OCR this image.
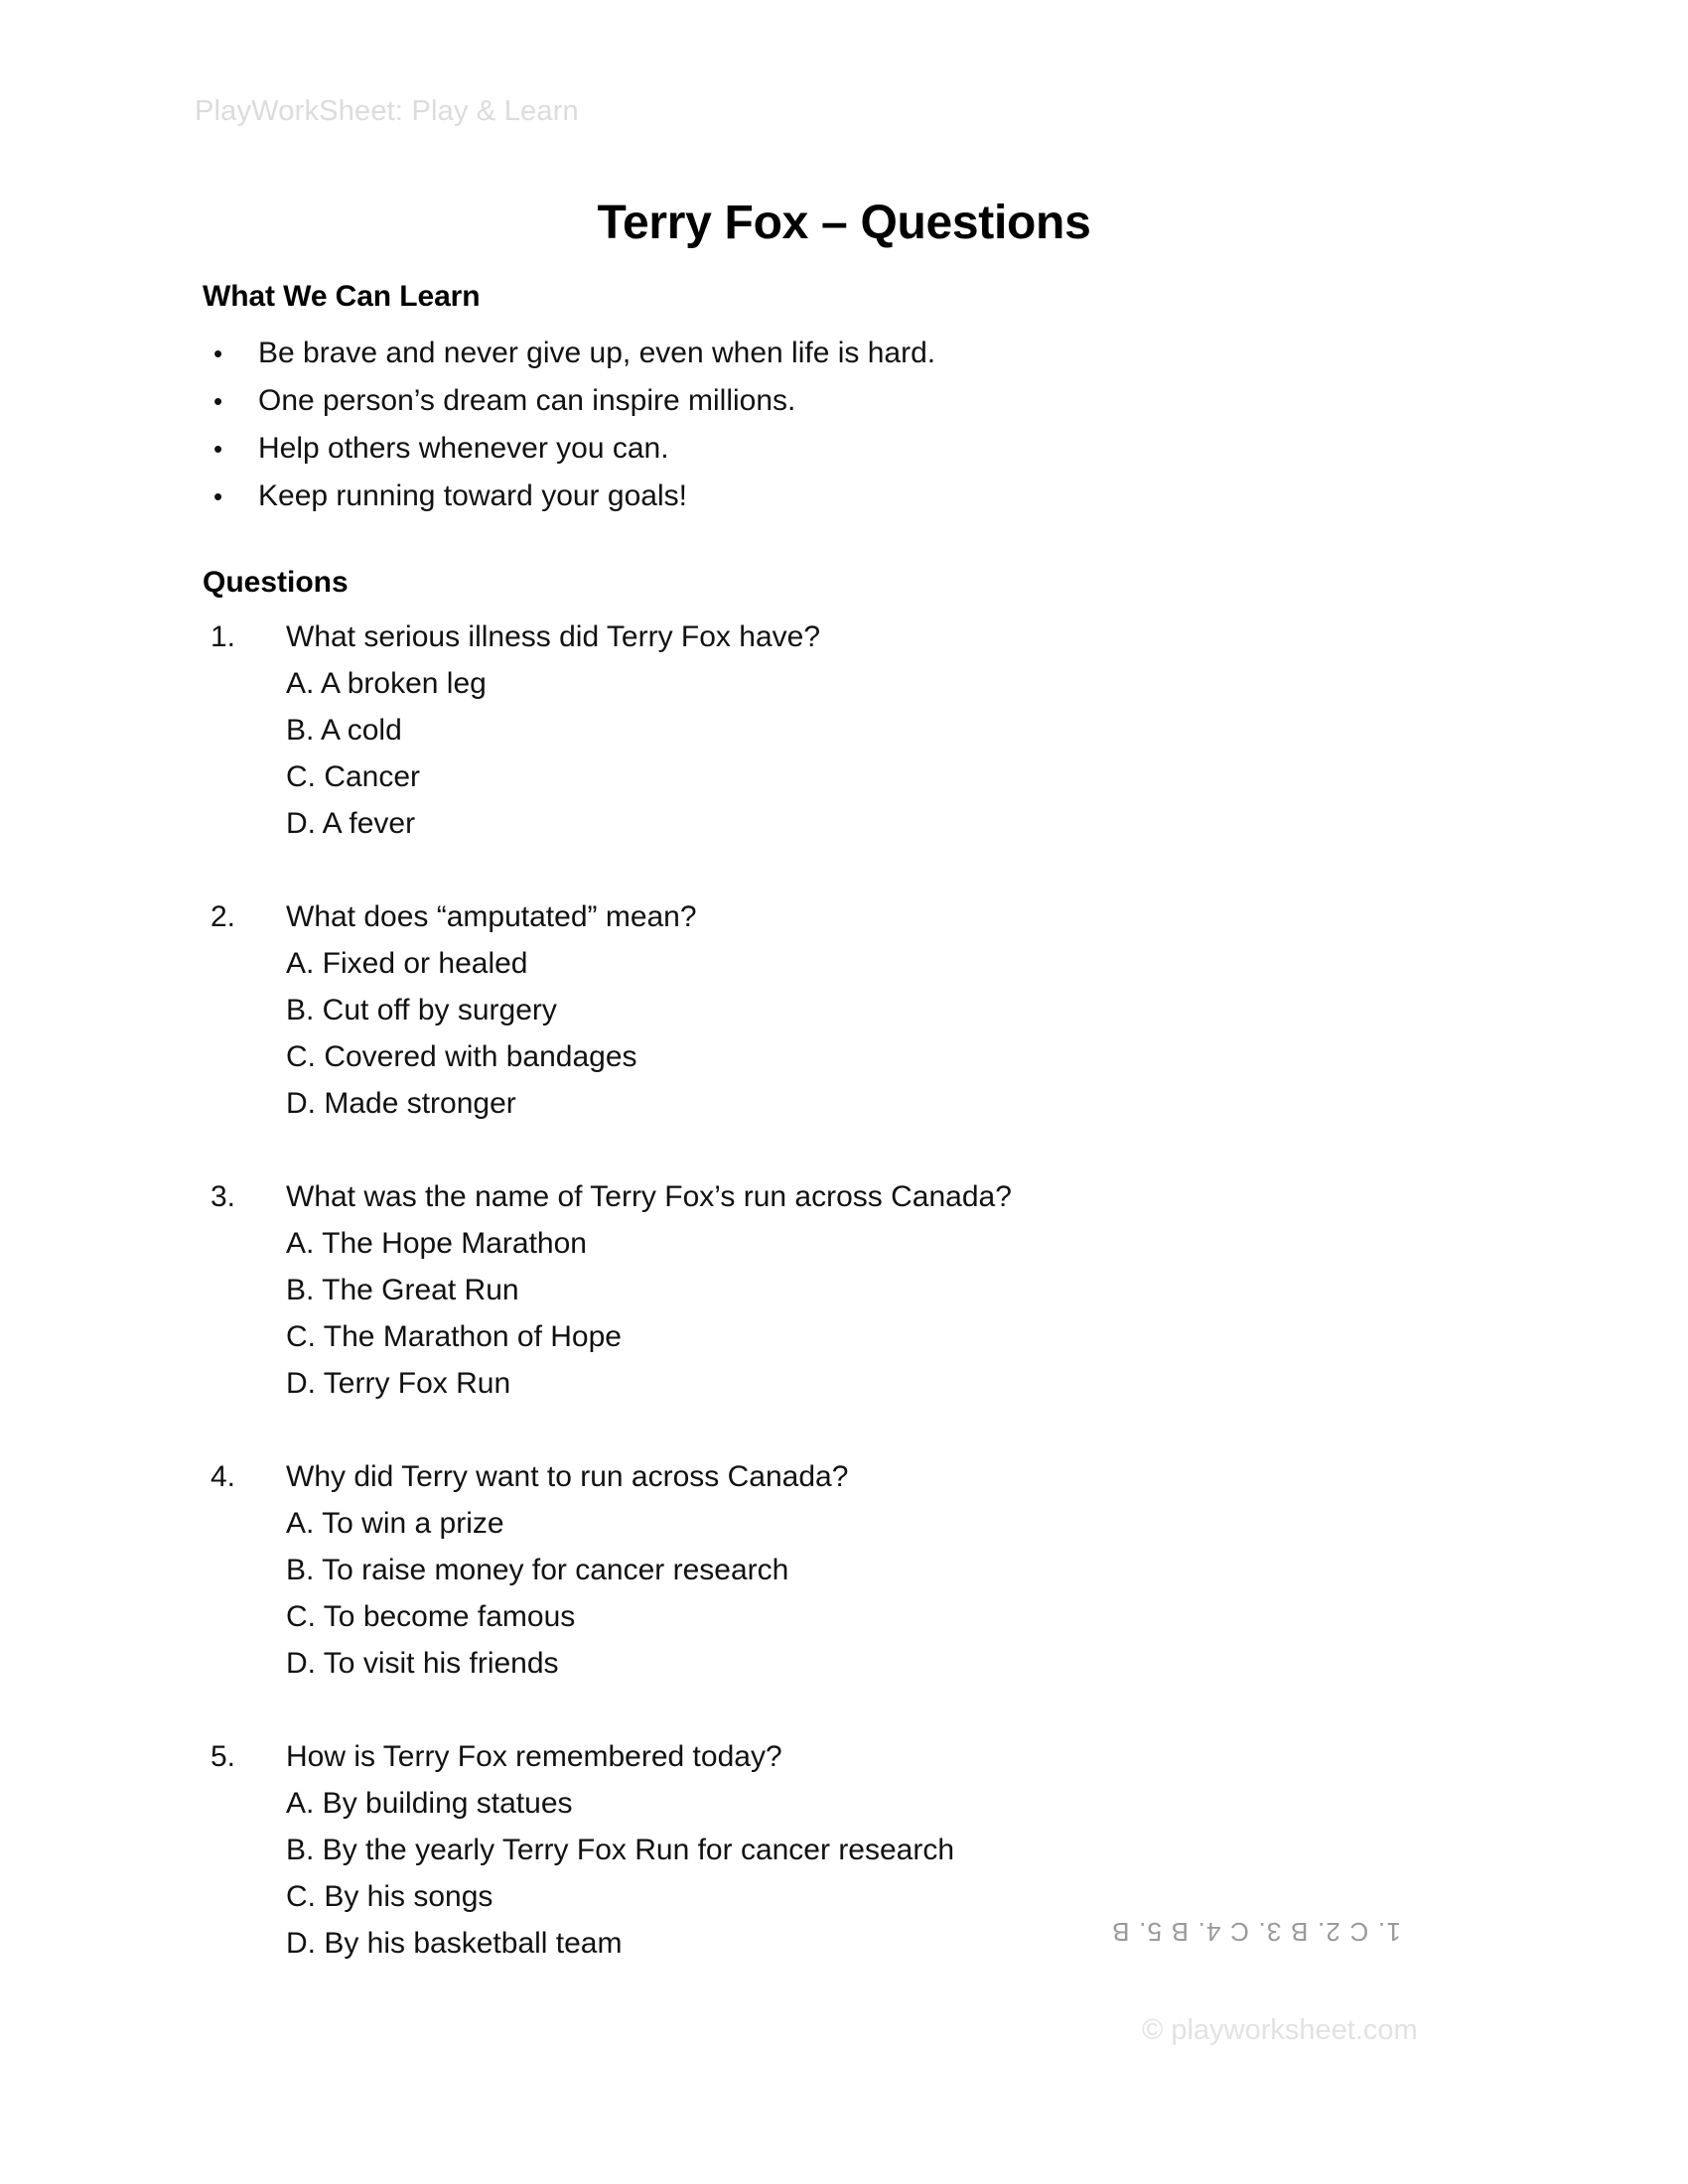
PlayWorkSheet: Play & Learn
Terry Fox – Questions
What We Can Learn
• Be brave and never give up, even when life is hard.
• One person’s dream can inspire millions.
• Help others whenever you can.
• Keep running toward your goals!
Questions
1.	What serious illness did Terry Fox have?
A. A broken leg
B. A cold
C. Cancer
D. A fever
2.	What does “amputated” mean?
A. Fixed or healed
B. Cut off by surgery
C. Covered with bandages
D. Made stronger
3.	What was the name of Terry Fox’s run across Canada?
A. The Hope Marathon
B. The Great Run
C. The Marathon of Hope
D. Terry Fox Run
4.	Why did Terry want to run across Canada?
A. To win a prize
B. To raise money for cancer research
C. To become famous
D. To visit his friends
5.	How is Terry Fox remembered today?
A. By building statues
B. By the yearly Terry Fox Run for cancer research
C. By his songs
D. By his basketball team	1. C 2. B 3. C 4. B 5. B
© playworksheet.com
